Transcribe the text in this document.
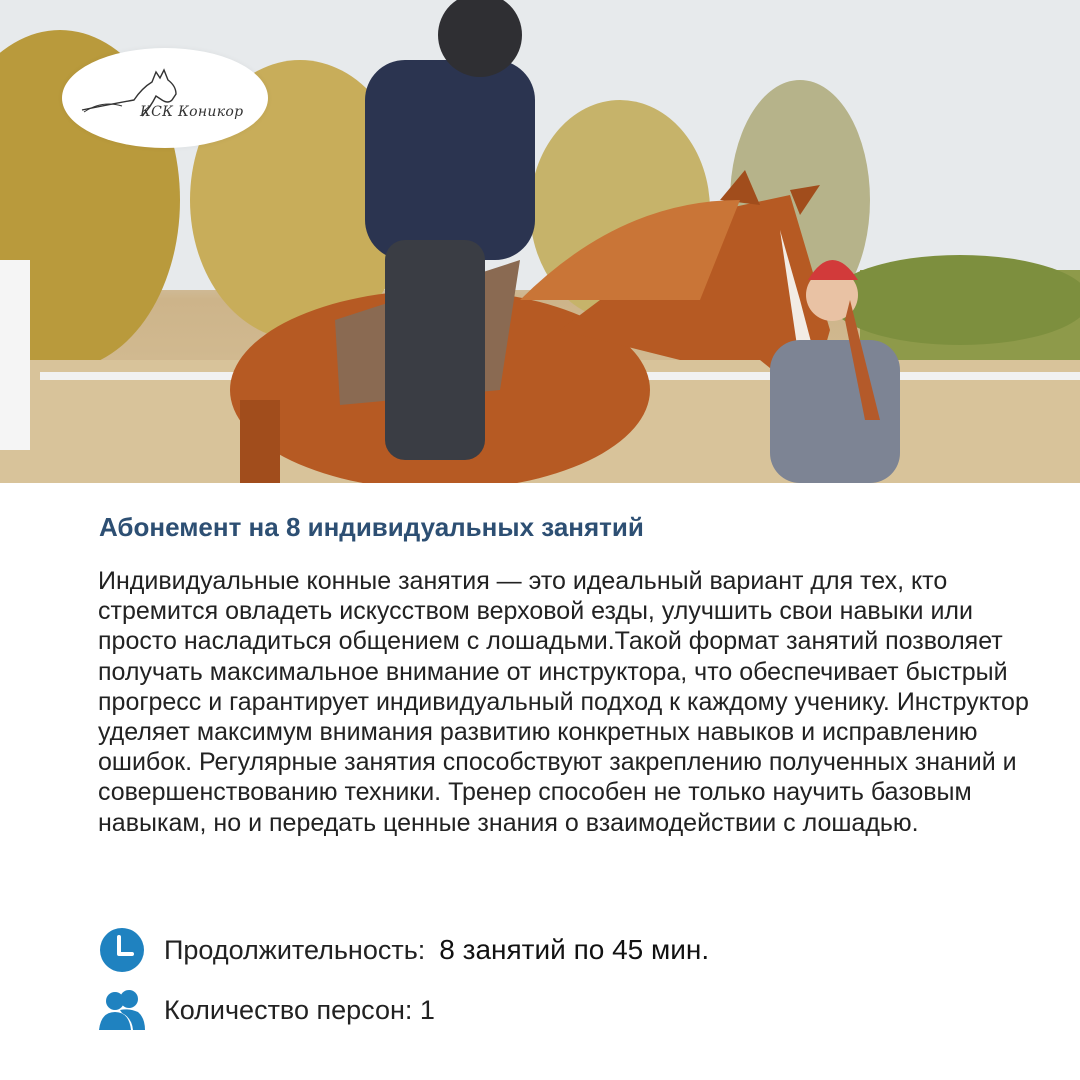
КСК Коникор
Абонемент на 8 индивидуальных занятий

Индивидуальные конные занятия — это идеальный вариант для тех, кто стремится овладеть искусством верховой езды, улучшить свои навыки или просто насладиться общением с лошадьми.Такой формат занятий позволяет получать максимальное внимание от инструктора, что обеспечивает быстрый прогресс и гарантирует индивидуальный подход к каждому ученику. Инструктор уделяет максимум внимания развитию конкретных навыков и исправлению ошибок. Регулярные занятия способствуют закреплению полученных знаний и совершенствованию техники. Тренер способен не только научить базовым навыкам, но и передать ценные знания о взаимодействии с лошадью.

Продолжительность: 8 занятий по 45 мин.
Количество персон: 1
